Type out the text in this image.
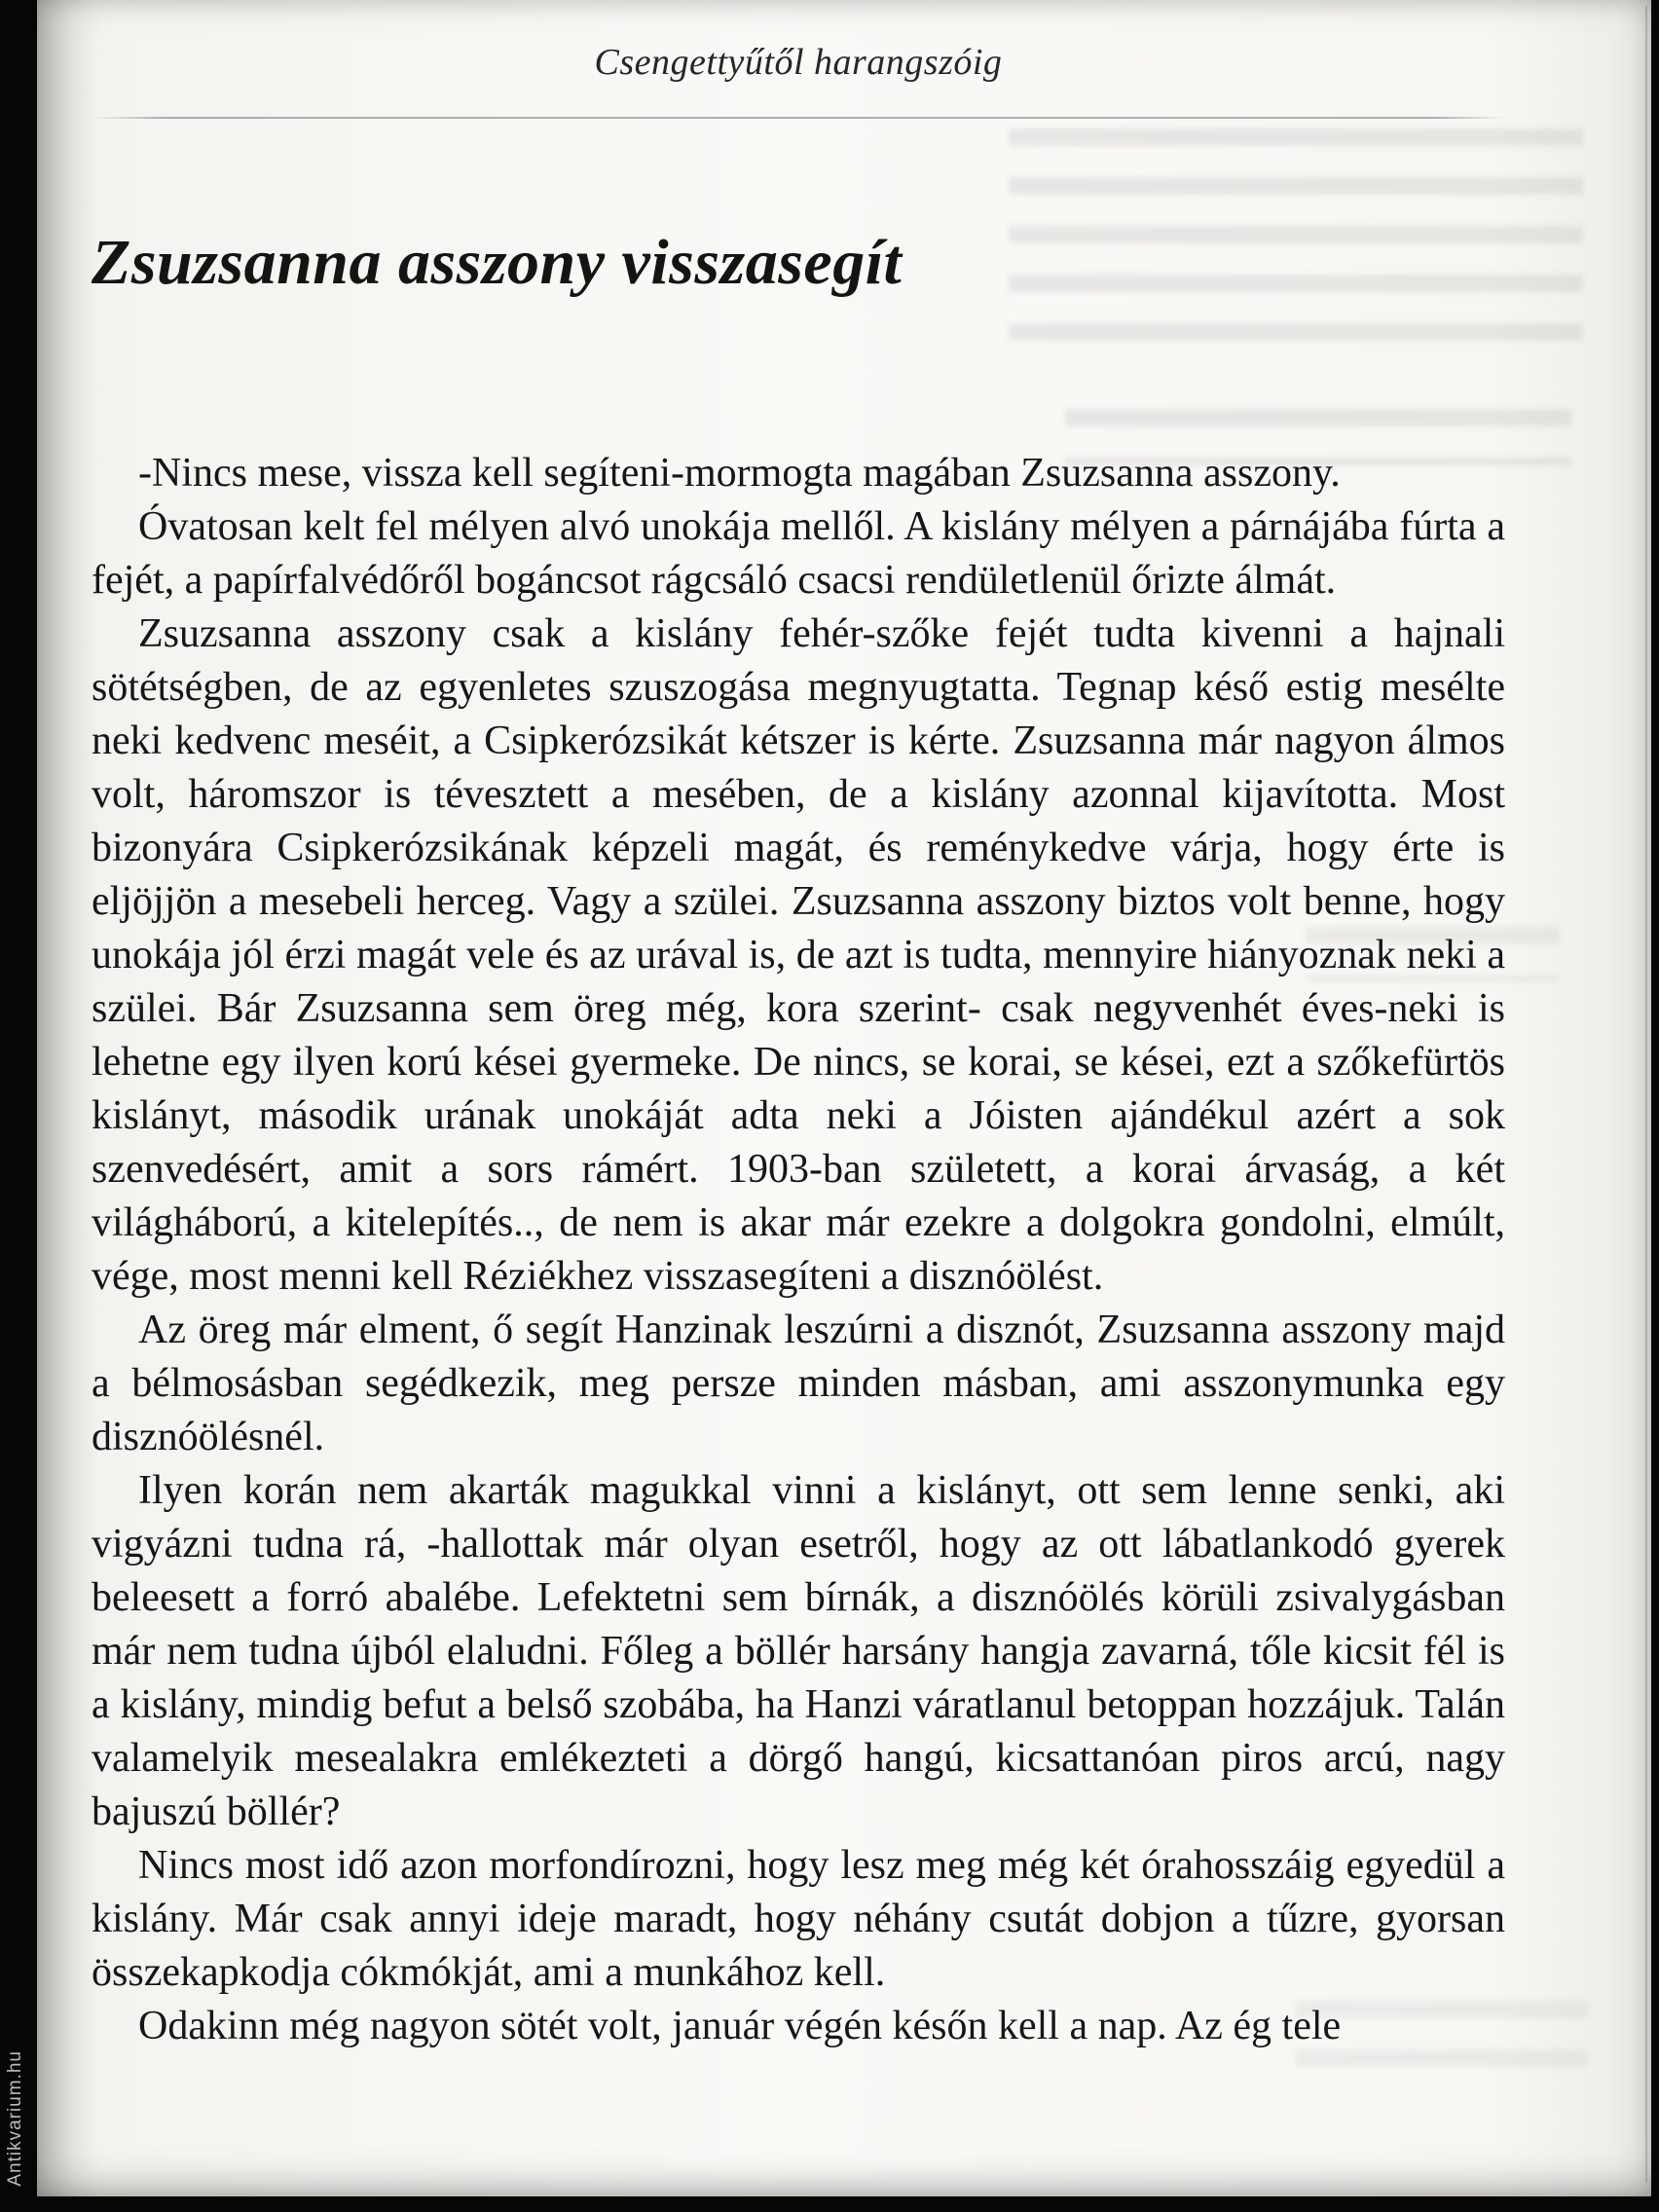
Csengettyűtől harangszóig
Zsuzsanna asszony visszasegít

-Nincs mese, vissza kell segíteni-mormogta magában Zsuzsanna asszony.

Óvatosan kelt fel mélyen alvó unokája mellől. A kislány mélyen a párnájába fúrta a fejét, a papírfalvédőről bogáncsot rágcsáló csacsi rendületlenül őrizte álmát.

Zsuzsanna asszony csak a kislány fehér-szőke fejét tudta kivenni a hajnali sötétségben, de az egyenletes szuszogása megnyugtatta. Tegnap késő estig mesélte neki kedvenc meséit, a Csipkerózsikát kétszer is kérte. Zsuzsanna már nagyon álmos volt, háromszor is tévesztett a mesében, de a kislány azonnal kijavította. Most bizonyára Csipkerózsikának képzeli magát, és reménykedve várja, hogy érte is eljöjjön a mesebeli herceg. Vagy a szülei. Zsuzsanna asszony biztos volt benne, hogy unokája jól érzi magát vele és az urával is, de azt is tudta, mennyire hiányoznak neki a szülei. Bár Zsuzsanna sem öreg még, kora szerint- csak negyvenhét éves-neki is lehetne egy ilyen korú kései gyermeke. De nincs, se korai, se kései, ezt a szőkefürtös kislányt, második urának unokáját adta neki a Jóisten ajándékul azért a sok szenvedésért, amit a sors rámért. 1903-ban született, a korai árvaság, a két világháború, a kitelepítés.., de nem is akar már ezekre a dolgokra gondolni, elmúlt, vége, most menni kell Réziékhez visszasegíteni a disznóölést.

Az öreg már elment, ő segít Hanzinak leszúrni a disznót, Zsuzsanna asszony majd a bélmosásban segédkezik, meg persze minden másban, ami asszonymunka egy disznóölésnél.

Ilyen korán nem akarták magukkal vinni a kislányt, ott sem lenne senki, aki vigyázni tudna rá, -hallottak már olyan esetről, hogy az ott lábatlankodó gyerek beleesett a forró abalébe. Lefektetni sem bírnák, a disznóölés körüli zsivalygásban már nem tudna újból elaludni. Főleg a böllér harsány hangja zavarná, tőle kicsit fél is a kislány, mindig befut a belső szobába, ha Hanzi váratlanul betoppan hozzájuk. Talán valamelyik mesealakra emlékezteti a dörgő hangú, kicsattanóan piros arcú, nagy bajuszú böllér?

Nincs most idő azon morfondírozni, hogy lesz meg még két órahosszáig egyedül a kislány. Már csak annyi ideje maradt, hogy néhány csutát dobjon a tűzre, gyorsan összekapkodja cókmókját, ami a munkához kell.

Odakinn még nagyon sötét volt, január végén későn kell a nap. Az ég tele

Antikvarium.hu
